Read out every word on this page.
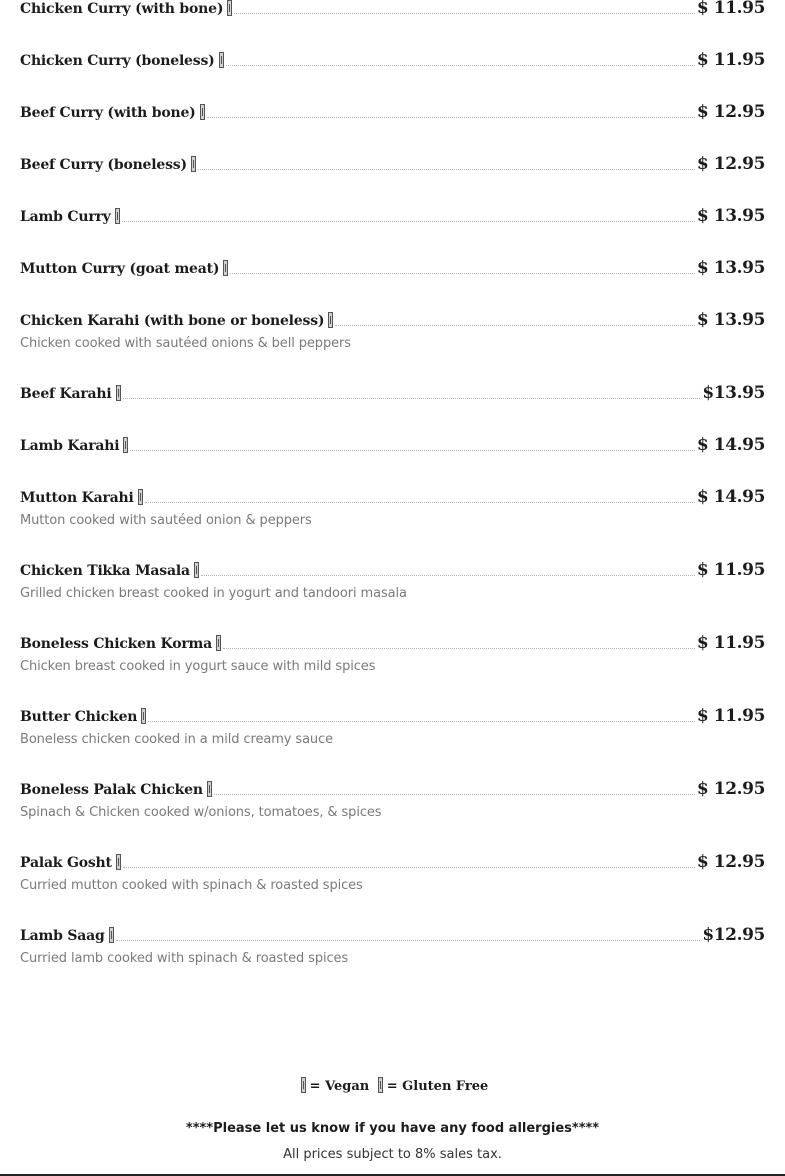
Chicken Curry (with bone)	$ 11.95
Chicken Curry (boneless)	$ 11.95
Beef Curry (with bone)	$ 12.95
Beef Curry (boneless)	$ 12.95
Lamb Curry	$ 13.95
Mutton Curry (goat meat)	$ 13.95
Chicken Karahi (with bone or boneless)	$ 13.95
Chicken cooked with sautéed onions & bell peppers
Beef Karahi	$13.95
Lamb Karahi	$ 14.95
Mutton Karahi	$ 14.95
Mutton cooked with sautéed onion & peppers
Chicken Tikka Masala	$ 11.95
Grilled chicken breast cooked in yogurt and tandoori masala
Boneless Chicken Korma	$ 11.95
Chicken breast cooked in yogurt sauce with mild spices
Butter Chicken	$ 11.95
Boneless chicken cooked in a mild creamy sauce
Boneless Palak Chicken	$ 12.95
Spinach & Chicken cooked w/onions, tomatoes, & spices
Palak Gosht	$ 12.95
Curried mutton cooked with spinach & roasted spices
Lamb Saag	$12.95
Curried lamb cooked with spinach & roasted spices
= Vegan = Gluten Free
****Please let us know if you have any food allergies****
All prices subject to 8% sales tax.
